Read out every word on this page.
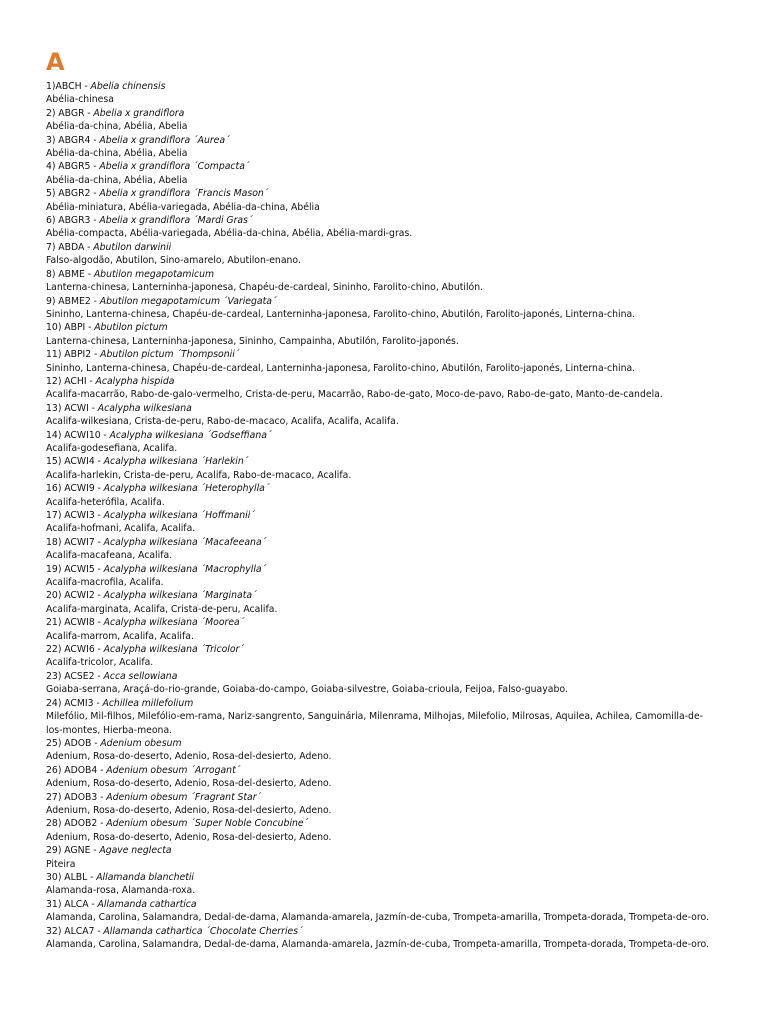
A

1)ABCH - Abelia chinensis

Abélia-chinesa

2) ABGR - Abelia x grandiflora

Abélia-da-china, Abélia, Abelia

3) ABGR4 - Abelia x grandiflora ´Aurea´

Abélia-da-china, Abélia, Abelia

4) ABGR5 - Abelia x grandiflora ´Compacta´

Abélia-da-china, Abélia, Abelia

5) ABGR2 - Abelia x grandiflora ´Francis Mason´

Abélia-miniatura, Abélia-variegada, Abélia-da-china, Abélia

6) ABGR3 - Abelia x grandiflora ´Mardi Gras´

Abélia-compacta, Abélia-variegada, Abélia-da-china, Abélia, Abélia-mardi-gras.

7) ABDA - Abutilon darwinii

Falso-algodão, Abutilon, Sino-amarelo, Abutilon-enano.

8) ABME - Abutilon megapotamicum

Lanterna-chinesa, Lanterninha-japonesa, Chapéu-de-cardeal, Sininho, Farolito-chino, Abutilón.

9) ABME2 - Abutilon megapotamicum ´Variegata´

Sininho, Lanterna-chinesa, Chapéu-de-cardeal, Lanterninha-japonesa, Farolito-chino, Abutilón, Farolito-japonés, Linterna-china.

10) ABPI - Abutilon pictum

Lanterna-chinesa, Lanterninha-japonesa, Sininho, Campainha, Abutilón, Farolito-japonés.

11) ABPI2 - Abutilon pictum ´Thompsonii´

Sininho, Lanterna-chinesa, Chapéu-de-cardeal, Lanterninha-japonesa, Farolito-chino, Abutilón, Farolito-japonés, Linterna-china.

12) ACHI - Acalypha hispida

Acalifa-macarrão, Rabo-de-galo-vermelho, Crista-de-peru, Macarrão, Rabo-de-gato, Moco-de-pavo, Rabo-de-gato, Manto-de-candela.

13) ACWI - Acalypha wilkesiana

Acalifa-wilkesiana, Crista-de-peru, Rabo-de-macaco, Acalifa, Acalifa, Acalifa.

14) ACWI10 - Acalypha wilkesiana ´Godseffiana´

Acalifa-godesefiana, Acalifa.

15) ACWI4 - Acalypha wilkesiana ´Harlekin´

Acalifa-harlekin, Crista-de-peru, Acalifa, Rabo-de-macaco, Acalifa.

16) ACWI9 - Acalypha wilkesiana ´Heterophylla´

Acalifa-heterófila, Acalifa.

17) ACWI3 - Acalypha wilkesiana ´Hoffmanii´

Acalifa-hofmani, Acalifa, Acalifa.

18) ACWI7 - Acalypha wilkesiana ´Macafeeana´

Acalifa-macafeana, Acalifa.

19) ACWI5 - Acalypha wilkesiana ´Macrophylla´

Acalifa-macrofila, Acalifa.

20) ACWI2 - Acalypha wilkesiana ´Marginata´

Acalifa-marginata, Acalifa, Crista-de-peru, Acalifa.

21) ACWI8 - Acalypha wilkesiana ´Moorea´

Acalifa-marrom, Acalifa, Acalifa.

22) ACWI6 - Acalypha wilkesiana ´Tricolor´

Acalifa-tricolor, Acalifa.

23) ACSE2 - Acca sellowiana

Goiaba-serrana, Araçá-do-rio-grande, Goiaba-do-campo, Goiaba-silvestre, Goiaba-crioula, Feijoa, Falso-guayabo.

24) ACMI3 - Achillea millefolium

Milefólio, Mil-filhos, Milefólio-em-rama, Nariz-sangrento, Sanguinária, Milenrama, Milhojas, Milefolio, Milrosas, Aquilea, Achilea, Camomilla-de-los-montes, Hierba-meona.

25) ADOB - Adenium obesum

Adenium, Rosa-do-deserto, Adenio, Rosa-del-desierto, Adeno.

26) ADOB4 - Adenium obesum ´Arrogant´

Adenium, Rosa-do-deserto, Adenio, Rosa-del-desierto, Adeno.

27) ADOB3 - Adenium obesum ´Fragrant Star´

Adenium, Rosa-do-deserto, Adenio, Rosa-del-desierto, Adeno.

28) ADOB2 - Adenium obesum ´Super Noble Concubine´

Adenium, Rosa-do-deserto, Adenio, Rosa-del-desierto, Adeno.

29) AGNE - Agave neglecta

Piteira

30) ALBL - Allamanda blanchetii

Alamanda-rosa, Alamanda-roxa.

31) ALCA - Allamanda cathartica

Alamanda, Carolina, Salamandra, Dedal-de-dama, Alamanda-amarela, Jazmín-de-cuba, Trompeta-amarilla, Trompeta-dorada, Trompeta-de-oro.

32) ALCA7 - Allamanda cathartica ´Chocolate Cherries´

Alamanda, Carolina, Salamandra, Dedal-de-dama, Alamanda-amarela, Jazmín-de-cuba, Trompeta-amarilla, Trompeta-dorada, Trompeta-de-oro.
